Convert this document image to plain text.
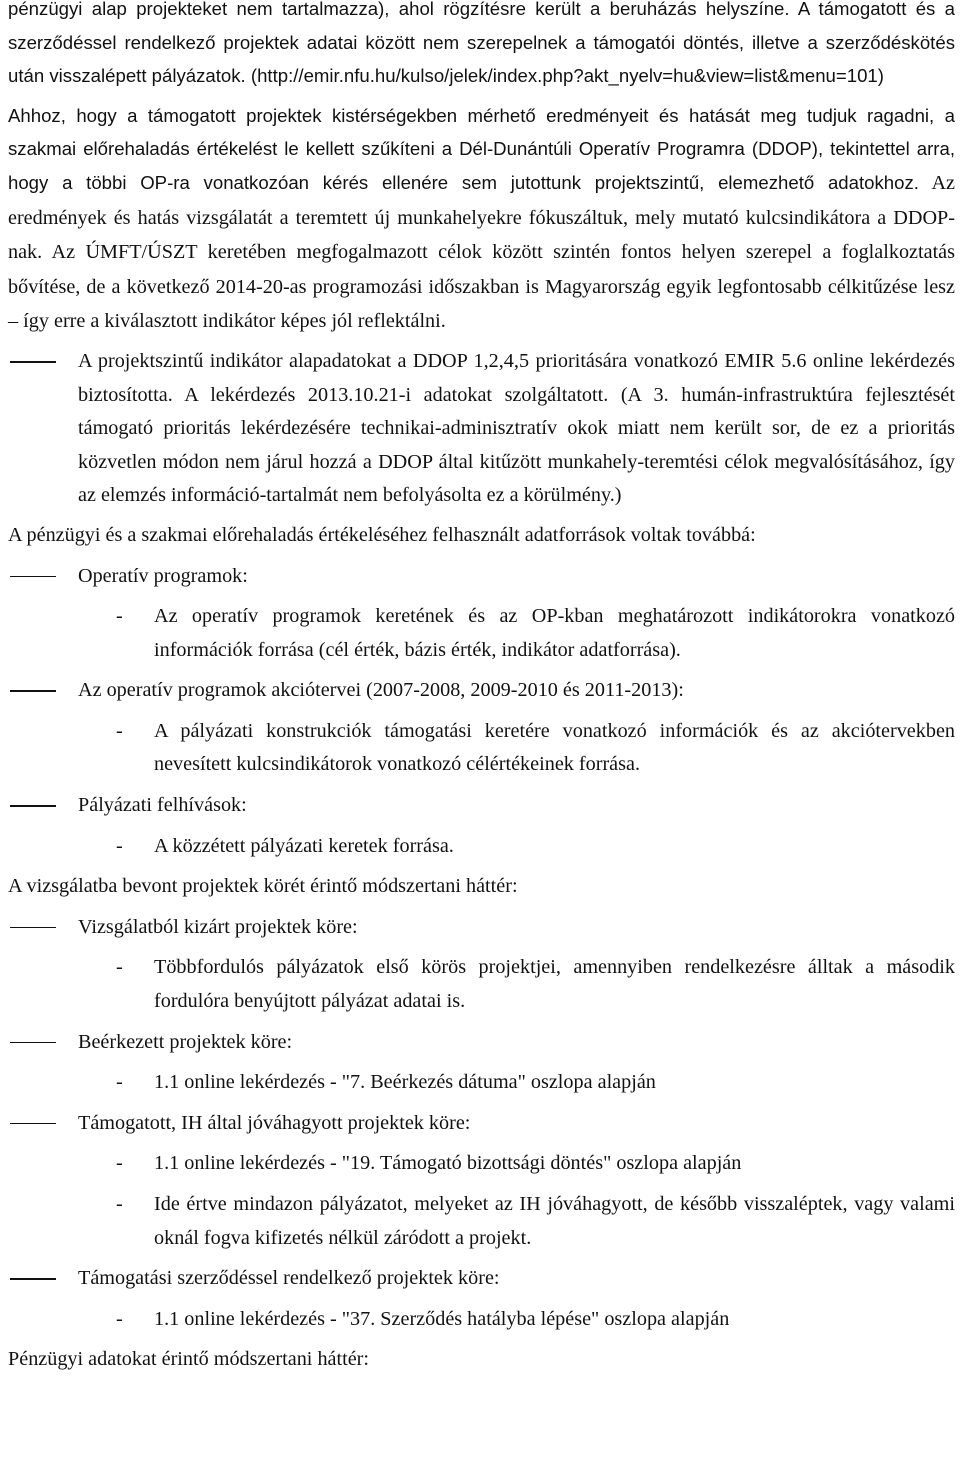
pénzügyi alap projekteket nem tartalmazza), ahol rögzítésre került a beruházás helyszíne. A támogatott és a szerződéssel rendelkező projektek adatai között nem szerepelnek a támogatói döntés, illetve a szerződéskötés után visszalépett pályázatok. (http://emir.nfu.hu/kulso/jelek/index.php?akt_nyelv=hu&view=list&menu=101)

Ahhoz, hogy a támogatott projektek kistérségekben mérhető eredményeit és hatását meg tudjuk ragadni, a szakmai előrehaladás értékelést le kellett szűkíteni a Dél-Dunántúli Operatív Programra (DDOP), tekintettel arra, hogy a többi OP-ra vonatkozóan kérés ellenére sem jutottunk projektszintű, elemezhető adatokhoz. Az eredmények és hatás vizsgálatát a teremtett új munkahelyekre fókuszáltuk, mely mutató kulcsindikátora a DDOP-nak. Az ÚMFT/ÚSZT keretében megfogalmazott célok között szintén fontos helyen szerepel a foglalkoztatás bővítése, de a következő 2014-20-as programozási időszakban is Magyarország egyik legfontosabb célkitűzése lesz – így erre a kiválasztott indikátor képes jól reflektálni.

A projektszintű indikátor alapadatokat a DDOP 1,2,4,5 prioritására vonatkozó EMIR 5.6 online lekérdezés biztosította. A lekérdezés 2013.10.21-i adatokat szolgáltatott. (A 3. humán-infrastruktúra fejlesztését támogató prioritás lekérdezésére technikai-adminisztratív okok miatt nem került sor, de ez a prioritás közvetlen módon nem járul hozzá a DDOP által kitűzött munkahely-teremtési célok megvalósításához, így az elemzés információ-tartalmát nem befolyásolta ez a körülmény.)

A pénzügyi és a szakmai előrehaladás értékeléséhez felhasznált adatforrások voltak továbbá:

Operatív programok:

- Az operatív programok keretének és az OP-kban meghatározott indikátorokra vonatkozó információk forrása (cél érték, bázis érték, indikátor adatforrása).

Az operatív programok akciótervei (2007-2008, 2009-2010 és 2011-2013):

- A pályázati konstrukciók támogatási keretére vonatkozó információk és az akciótervekben nevesített kulcsindikátorok vonatkozó célértékeinek forrása.

Pályázati felhívások:

- A közzétett pályázati keretek forrása.

A vizsgálatba bevont projektek körét érintő módszertani háttér:

Vizsgálatból kizárt projektek köre:

- Többfordulós pályázatok első körös projektjei, amennyiben rendelkezésre álltak a második fordulóra benyújtott pályázat adatai is.

Beérkezett projektek köre:

- 1.1 online lekérdezés - "7. Beérkezés dátuma" oszlopa alapján

Támogatott, IH által jóváhagyott projektek köre:

- 1.1 online lekérdezés - "19. Támogató bizottsági döntés" oszlopa alapján

- Ide értve mindazon pályázatot, melyeket az IH jóváhagyott, de később visszaléptek, vagy valami oknál fogva kifizetés nélkül záródott a projekt.

Támogatási szerződéssel rendelkező projektek köre:

- 1.1 online lekérdezés - "37. Szerződés hatályba lépése" oszlopa alapján

Pénzügyi adatokat érintő módszertani háttér:
